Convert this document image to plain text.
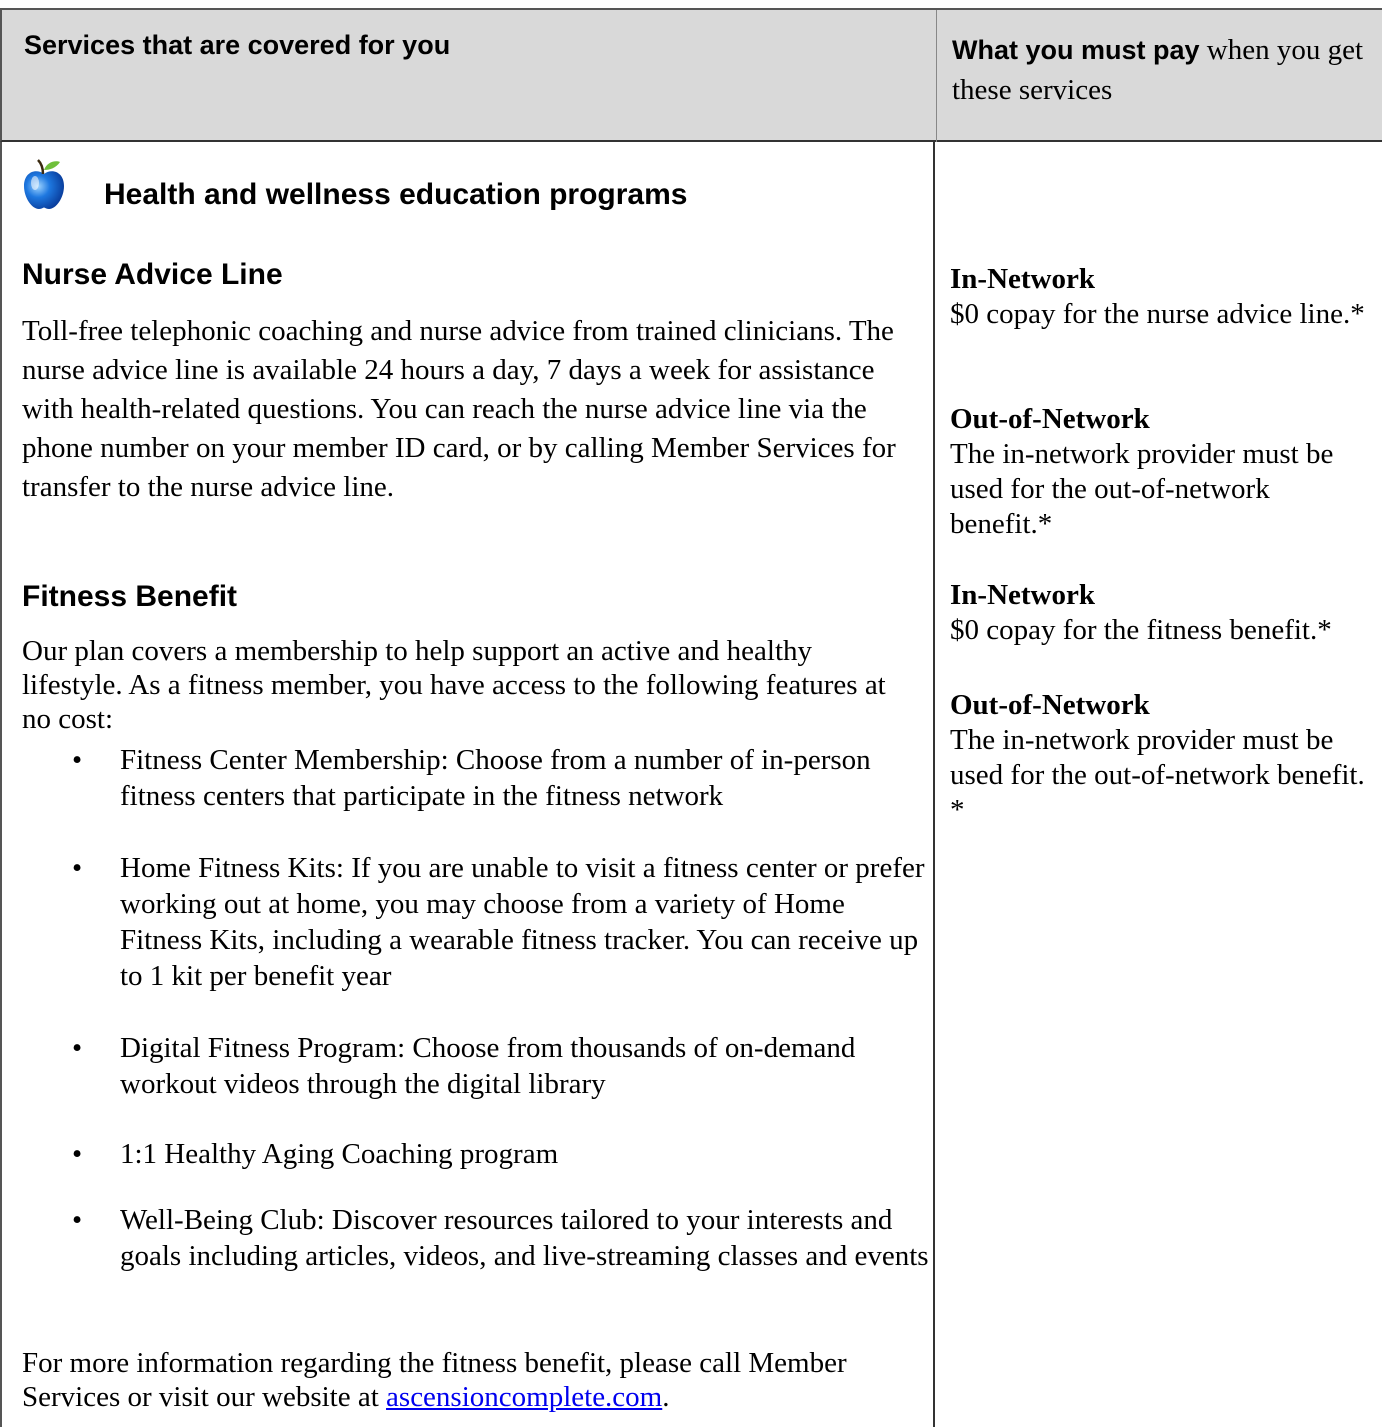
Services that are covered for you	What you must pay when you get these services
Health and wellness education programs
Nurse Advice Line
Toll-free telephonic coaching and nurse advice from trained clinicians. The nurse advice line is available 24 hours a day, 7 days a week for assistance with health-related questions. You can reach the nurse advice line via the phone number on your member ID card, or by calling Member Services for transfer to the nurse advice line.
Fitness Benefit
Our plan covers a membership to help support an active and healthy lifestyle. As a fitness member, you have access to the following features at no cost:
• Fitness Center Membership: Choose from a number of in-person fitness centers that participate in the fitness network
• Home Fitness Kits: If you are unable to visit a fitness center or prefer working out at home, you may choose from a variety of Home Fitness Kits, including a wearable fitness tracker. You can receive up to 1 kit per benefit year
• Digital Fitness Program: Choose from thousands of on-demand workout videos through the digital library
• 1:1 Healthy Aging Coaching program
• Well-Being Club: Discover resources tailored to your interests and goals including articles, videos, and live-streaming classes and events
For more information regarding the fitness benefit, please call Member Services or visit our website at ascensioncomplete.com.
In-Network
$0 copay for the nurse advice line.*
Out-of-Network
The in-network provider must be used for the out-of-network benefit.*
In-Network
$0 copay for the fitness benefit.*
Out-of-Network
The in-network provider must be used for the out-of-network benefit. *
